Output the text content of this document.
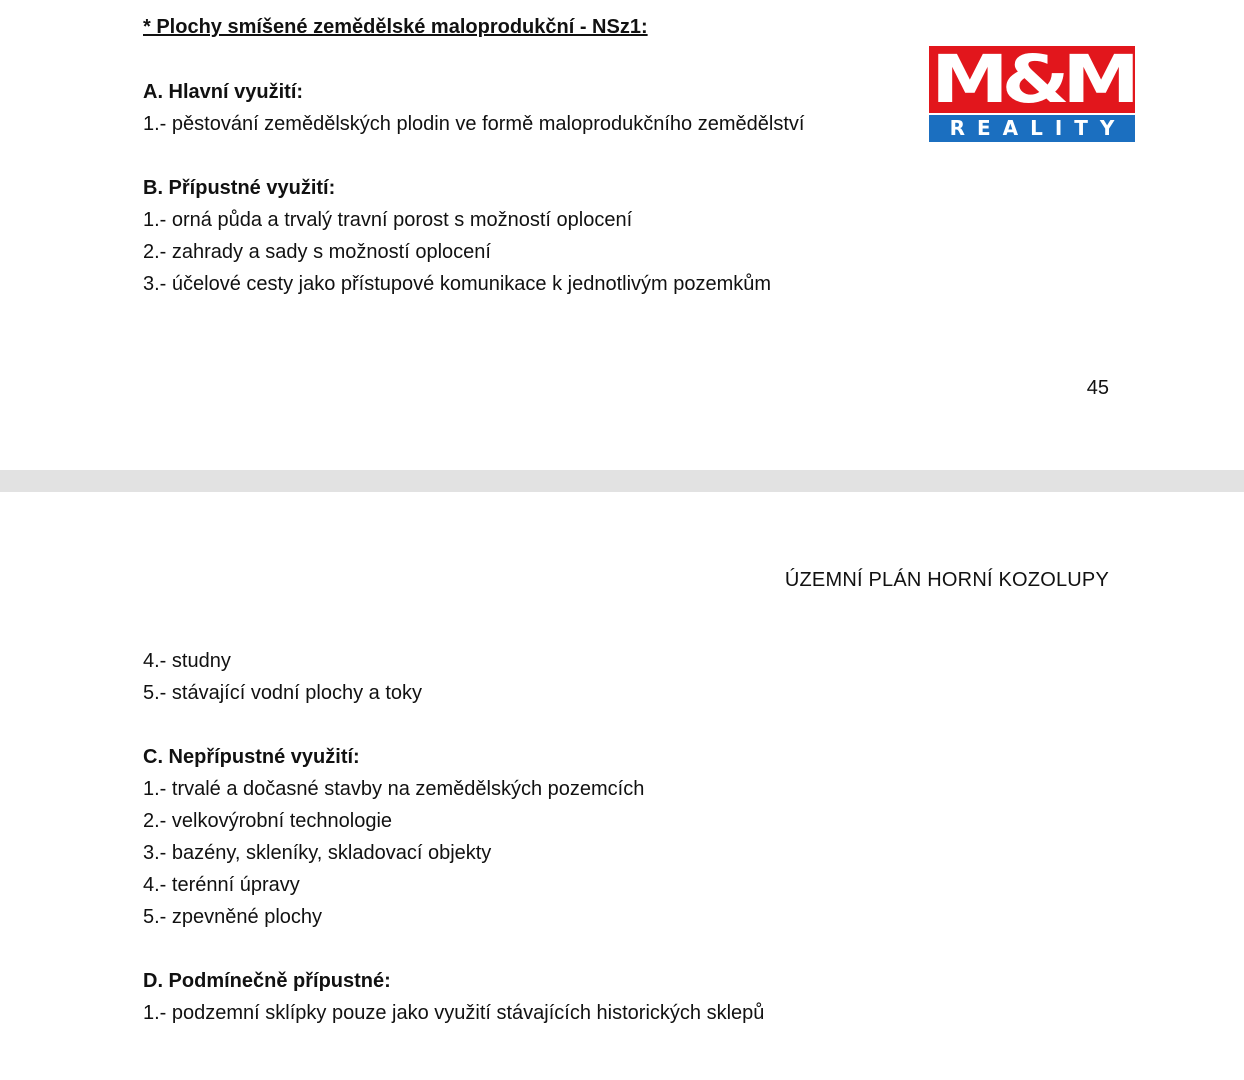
* Plochy smíšené zemědělské maloprodukční - NSz1:
A. Hlavní využití:
1.- pěstování zemědělských plodin ve formě maloprodukčního zemědělství
B. Přípustné využití:
1.- orná půda a trvalý travní porost s možností oplocení
2.- zahrady a sady s možností oplocení
3.- účelové cesty jako přístupové komunikace k jednotlivým pozemkům
45
M&M
REALITY
ÚZEMNÍ PLÁN HORNÍ KOZOLUPY
4.- studny
5.- stávající vodní plochy a toky
C. Nepřípustné využití:
1.- trvalé a dočasné stavby na zemědělských pozemcích
2.- velkovýrobní technologie
3.- bazény, skleníky, skladovací objekty
4.- terénní úpravy
5.- zpevněné plochy
D. Podmínečně přípustné:
1.- podzemní sklípky pouze jako využití stávajících historických sklepů
